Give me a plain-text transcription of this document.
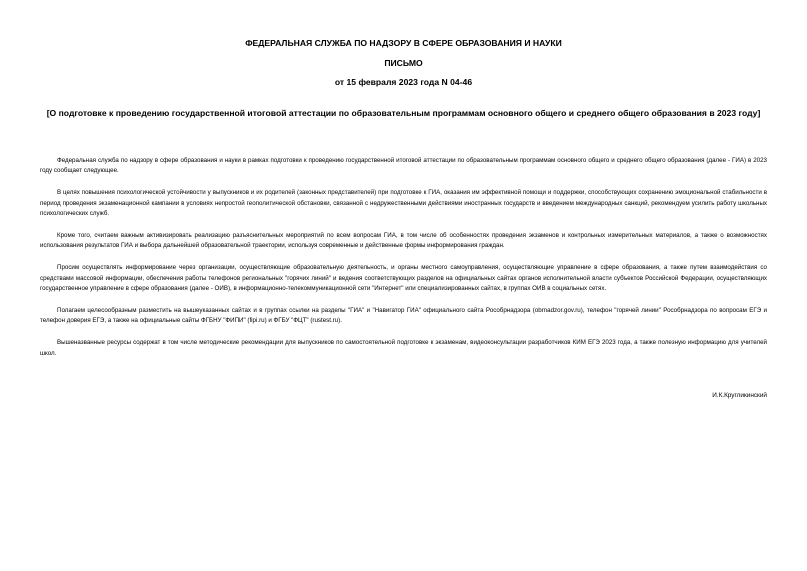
ФЕДЕРАЛЬНАЯ СЛУЖБА ПО НАДЗОРУ В СФЕРЕ ОБРАЗОВАНИЯ И НАУКИ

ПИСЬМО

от 15 февраля 2023 года N 04-46

[О подготовке к проведению государственной итоговой аттестации по образовательным программам основного общего и среднего общего образования в 2023 году]

Федеральная служба по надзору в сфере образования и науки в рамках подготовки к проведению государственной итоговой аттестации по образовательным программам основного общего и среднего общего образования (далее - ГИА) в 2023 году сообщает следующее.

В целях повышения психологической устойчивости у выпускников и их родителей (законных представителей) при подготовке к ГИА, оказания им эффективной помощи и поддержки, способствующих сохранению эмоциональной стабильности в период проведения экзаменационной кампании в условиях непростой геополитической обстановки, связанной с недружественными действиями иностранных государств и введением международных санкций, рекомендуем усилить работу школьных психологических служб.

Кроме того, считаем важным активизировать реализацию разъяснительных мероприятий по всем вопросам ГИА, в том числе об особенностях проведения экзаменов и контрольных измерительных материалов, а также о возможностях использования результатов ГИА и выбора дальнейшей образовательной траектории, используя современные и действенные формы информирования граждан.

Просим осуществлять информирование через организации, осуществляющие образовательную деятельность, и органы местного самоуправления, осуществляющие управление в сфере образования, а также путем взаимодействия со средствами массовой информации, обеспечения работы телефонов региональных "горячих линий" и ведения соответствующих разделов на официальных сайтах органов исполнительной власти субъектов Российской Федерации, осуществляющих государственное управление в сфере образования (далее - ОИВ), в информационно-телекоммуникационной сети "Интернет" или специализированных сайтах, в группах ОИВ в социальных сетях.

Полагаем целесообразным разместить на вышеуказанных сайтах и в группах ссылки на разделы "ГИА" и "Навигатор ГИА" официального сайта Рособрнадзора (obrnadzor.gov.ru), телефон "горячей линии" Рособрнадзора по вопросам ЕГЭ и телефон доверия ЕГЭ, а также на официальные сайты ФГБНУ "ФИПИ" (fipi.ru) и ФГБУ "ФЦТ" (rustest.ru).

Вышеназванные ресурсы содержат в том числе методические рекомендации для выпускников по самостоятельной подготовке к экзаменам, видеоконсультации разработчиков КИМ ЕГЭ 2023 года, а также полезную информацию для учителей школ.

И.К.Кругликинский
